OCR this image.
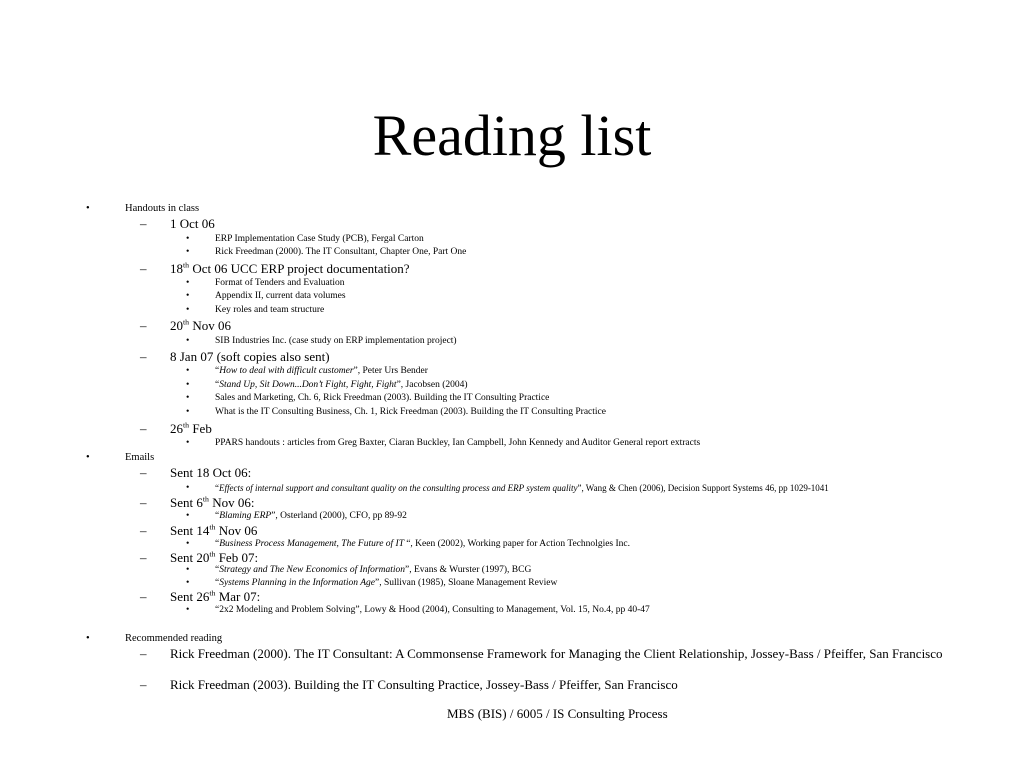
Reading list
•	Handouts in class
– 1 Oct 06
•	ERP Implementation Case Study (PCB), Fergal Carton
•	Rick Freedman (2000). The IT Consultant, Chapter One, Part One
– 18th Oct 06 UCC ERP project documentation?
•	Format of Tenders and Evaluation
•	Appendix II, current data volumes
•	Key roles and team structure
– 20th Nov 06
•	SIB Industries Inc. (case study on ERP implementation project)
– 8 Jan 07 (soft copies also sent)
•	“How to deal with difficult customer”, Peter Urs Bender
•	“Stand Up, Sit Down...Don’t Fight, Fight, Fight”, Jacobsen (2004)
•	Sales and Marketing, Ch. 6, Rick Freedman (2003). Building the IT Consulting Practice
•	What is the IT Consulting Business, Ch. 1, Rick Freedman (2003). Building the IT Consulting Practice
– 26th Feb
•	PPARS handouts : articles from Greg Baxter, Ciaran Buckley, Ian Campbell, John Kennedy and Auditor General report extracts
•	Emails
– Sent 18 Oct 06:
•	“Effects of internal support and consultant quality on the consulting process and ERP system quality”, Wang & Chen (2006), Decision Support Systems 46, pp 1029-1041
– Sent 6th Nov 06:
•	“Blaming ERP”, Osterland (2000), CFO, pp 89-92
– Sent 14th Nov 06
•	“Business Process Management, The Future of IT “, Keen (2002), Working paper for Action Technolgies Inc.
– Sent 20th Feb 07:
•	“Strategy and The New Economics of Information”, Evans & Wurster (1997), BCG
•	“Systems Planning in the Information Age”, Sullivan (1985), Sloane Management Review
– Sent 26th Mar 07:
•	“2x2 Modeling and Problem Solving”, Lowy & Hood (2004), Consulting to Management, Vol. 15, No.4, pp 40-47
•	Recommended reading
– Rick Freedman (2000). The IT Consultant: A Commonsense Framework for Managing the Client Relationship, Jossey-Bass / Pfeiffer, San Francisco
– Rick Freedman (2003). Building the IT Consulting Practice, Jossey-Bass / Pfeiffer, San Francisco
MBS (BIS) / 6005 / IS Consulting Process
